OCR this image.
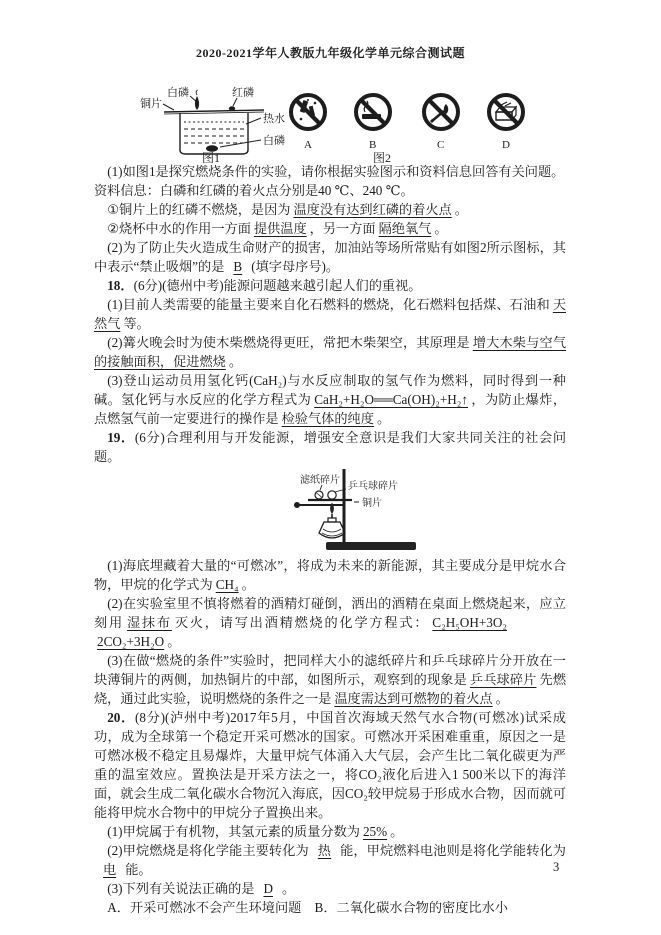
2020-2021学年人教版九年级化学单元综合测试题
白磷	红磷
铜片
热水
白磷
图1
A	B	C	D
图2

(1)如图1是探究燃烧条件的实验，请你根据实验图示和资料信息回答有关问题。

资料信息：白磷和红磷的着火点分别是40 ℃、240 ℃。

①铜片上的红磷不燃烧，是因为 温度没有达到红磷的着火点 。

②烧杯中水的作用一方面 提供温度 ，另一方面 隔绝氧气 。

(2)为了防止失火造成生命财产的损害，加油站等场所常贴有如图2所示图标，其中表示“禁止吸烟”的是 B (填字母序号)。

18．(6分)(德州中考)能源问题越来越引起人们的重视。

(1)目前人类需要的能量主要来自化石燃料的燃烧，化石燃料包括煤、石油和 天然气 等。

(2)篝火晚会时为使木柴燃烧得更旺，常把木柴架空，其原理是 增大木柴与空气的接触面积，促进燃烧 。

(3)登山运动员用氢化钙(CaH₂)与水反应制取的氢气作为燃料，同时得到一种碱。氢化钙与水反应的化学方程式为 CaH₂+H₂O══Ca(OH)₂+H₂↑ ，为防止爆炸，点燃氢气前一定要进行的操作是 检验气体的纯度 。

19．(6分)合理利用与开发能源，增强安全意识是我们大家共同关注的社会问题。

滤纸碎片
乒乓球碎片
铜片

(1)海底埋藏着大量的“可燃冰”，将成为未来的新能源，其主要成分是甲烷水合物，甲烷的化学式为 CH₄ 。

(2)在实验室里不慎将燃着的酒精灯碰倒，洒出的酒精在桌面上燃烧起来，应立刻用 湿抹布 灭火，请写出酒精燃烧的化学方程式： C₂H₅OH+3O₂2CO₂+3H₂O 。

(3)在做“燃烧的条件”实验时，把同样大小的滤纸碎片和乒乓球碎片分开放在一块薄铜片的两侧，加热铜片的中部，如图所示，观察到的现象是 乒乓球碎片 先燃烧，通过此实验，说明燃烧的条件之一是 温度需达到可燃物的着火点 。

20．(8分)(泸州中考)2017年5月，中国首次海域天然气水合物(可燃冰)试采成功，成为全球第一个稳定开采可燃冰的国家。可燃冰开采困难重重，原因之一是可燃冰极不稳定且易爆炸，大量甲烷气体涌入大气层，会产生比二氧化碳更为严重的温室效应。置换法是开采方法之一，将CO₂液化后进入1 500米以下的海洋面，就会生成二氧化碳水合物沉入海底，因CO₂较甲烷易于形成水合物，因而就可能将甲烷水合物中的甲烷分子置换出来。

(1)甲烷属于有机物，其氢元素的质量分数为 25% 。

(2)甲烷燃烧是将化学能主要转化为 热 能，甲烷燃料电池则是将化学能转化为电 能。

(3)下列有关说法正确的是 D 。

A．开采可燃冰不会产生环境问题　B．二氧化碳水合物的密度比水小

3
